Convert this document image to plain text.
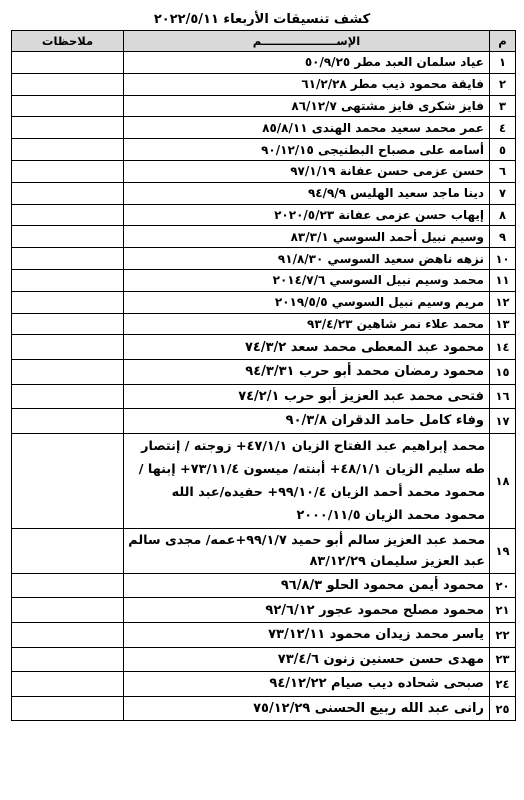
كشف تنسيقات الأربعاء ٢٠٢٢/٥/١١
م	الإســـــــــــــــــــم	ملاحظات
١	عياد سلمان العبد مطر ٥٠/٩/٢٥	
٢	فايقة محمود ذيب مطر ٦١/٢/٢٨	
٣	فايز شكرى فايز مشتهى ٨٦/١٢/٧	
٤	عمر محمد سعيد محمد الهندى ٨٥/٨/١١	
٥	أسامه على مصباح البطنيجى ٩٠/١٢/١٥	
٦	حسن عزمى حسن عفانة ٩٧/١/١٩	
٧	دينا ماجد سعيد الهليس ٩٤/٩/٩	
٨	إيهاب حسن عزمى عفانة ٢٠٢٠/٥/٢٣	
٩	وسيم نبيل أحمد السوسي ٨٣/٣/١	
١٠	نزهه ناهض سعيد السوسي ٩١/٨/٣٠	
١١	محمد وسيم نبيل السوسي ٢٠١٤/٧/٦	
١٢	مريم وسيم نبيل السوسي ٢٠١٩/٥/٥	
١٣	محمد علاء نمر شاهين ٩٣/٤/٢٣	
١٤	محمود عبد المعطى محمد سعد ٧٤/٣/٢	
١٥	محمود رمضان محمد أبو حرب ٩٤/٣/٣١	
١٦	فتحى محمد عبد العزيز أبو حرب ٧٤/٢/١	
١٧	وفاء كامل حامد الدقران ٩٠/٣/٨	
١٨	محمد إبراهيم عبد الفتاح الزيان ٤٧/١/١+ زوجته / إنتصار طه سليم الزيان ٤٨/١/١+ أبنته/ ميسون ٧٣/١١/٤+ إبنها / محمود محمد أحمد الزيان ٩٩/١٠/٤+ حفيده/عبد الله محمود محمد الزيان ٢٠٠٠/١١/٥	
١٩	محمد عبد العزيز سالم أبو حميد ٩٩/١/٧+عمه/ مجدى سالم عبد العزيز سليمان ٨٣/١٢/٢٩	
٢٠	محمود أيمن محمود الحلو ٩٦/٨/٣	
٢١	محمود مصلح محمود عجور ٩٢/٦/١٢	
٢٢	ياسر محمد زيدان محمود ٧٣/١٢/١١	
٢٣	مهدى حسن حسنين زنون ٧٣/٤/٦	
٢٤	صبحى شحاده ديب صيام ٩٤/١٢/٢٢	
٢٥	رانى عبد الله ربيع الحسنى ٧٥/١٢/٢٩	
